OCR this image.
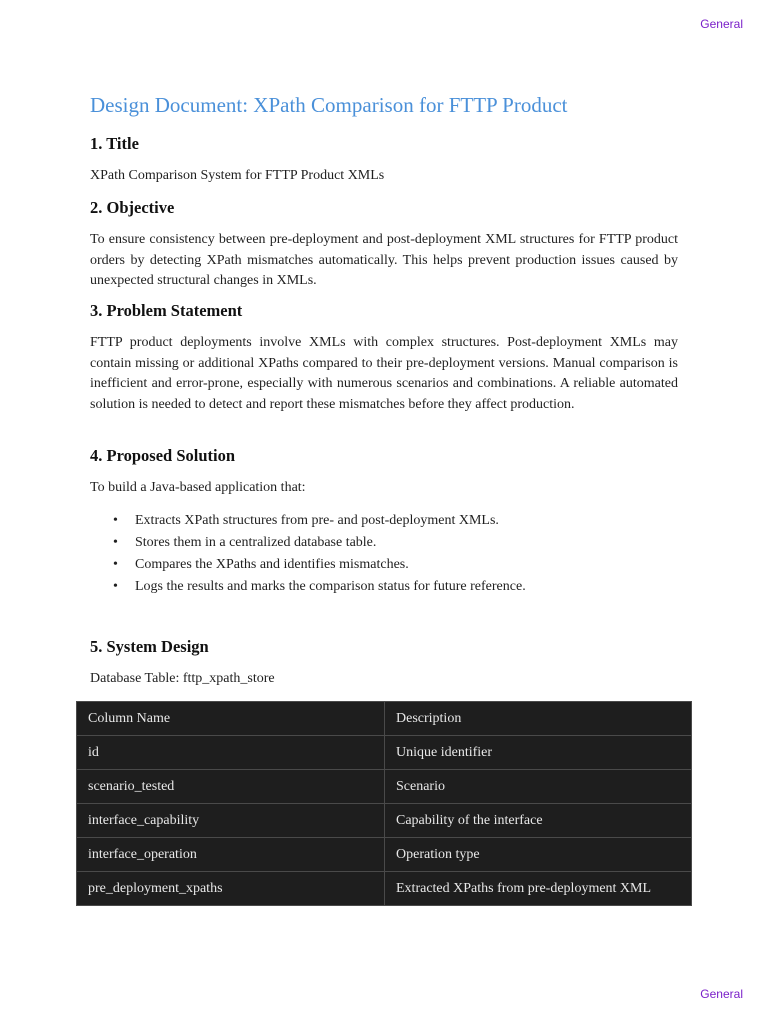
General
Design Document: XPath Comparison for FTTP Product
1. Title

XPath Comparison System for FTTP Product XMLs

2. Objective

To ensure consistency between pre-deployment and post-deployment XML structures for FTTP product orders by detecting XPath mismatches automatically. This helps prevent production issues caused by unexpected structural changes in XMLs.

3. Problem Statement

FTTP product deployments involve XMLs with complex structures. Post-deployment XMLs may contain missing or additional XPaths compared to their pre-deployment versions. Manual comparison is inefficient and error-prone, especially with numerous scenarios and combinations. A reliable automated solution is needed to detect and report these mismatches before they affect production.

4. Proposed Solution

To build a Java-based application that:

• Extracts XPath structures from pre- and post-deployment XMLs.
• Stores them in a centralized database table.
• Compares the XPaths and identifies mismatches.
• Logs the results and marks the comparison status for future reference.
5. System Design

Database Table: fttp_xpath_store

Column Name	Description
id	Unique identifier
scenario_tested	Scenario
interface_capability	Capability of the interface
interface_operation	Operation type
pre_deployment_xpaths	Extracted XPaths from pre-deployment XML
General
